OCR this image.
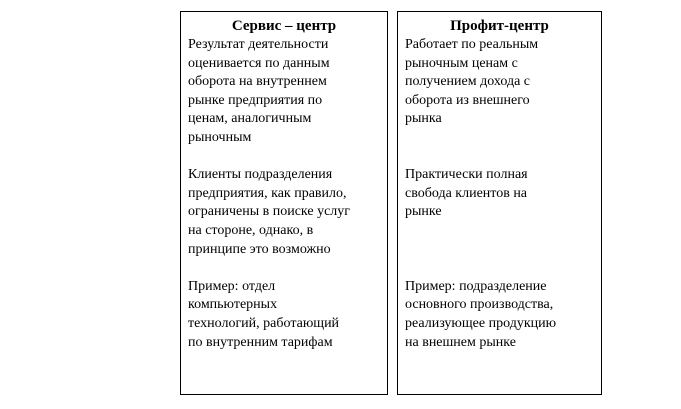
Сервис – центр
Результат деятельности
оценивается по данным
оборота на внутреннем
рынке предприятия по
ценам, аналогичным
рыночным
Клиенты подразделения
предприятия, как правило,
ограничены в поиске услуг
на стороне, однако, в
принципе это возможно
Пример: отдел
компьютерных
технологий, работающий
по внутренним тарифам
Профит-центр
Работает по реальным
рыночным ценам с
получением дохода с
оборота из внешнего
рынка
Практически полная
свобода клиентов на
рынке
Пример: подразделение
основного производства,
реализующее продукцию
на внешнем рынке
